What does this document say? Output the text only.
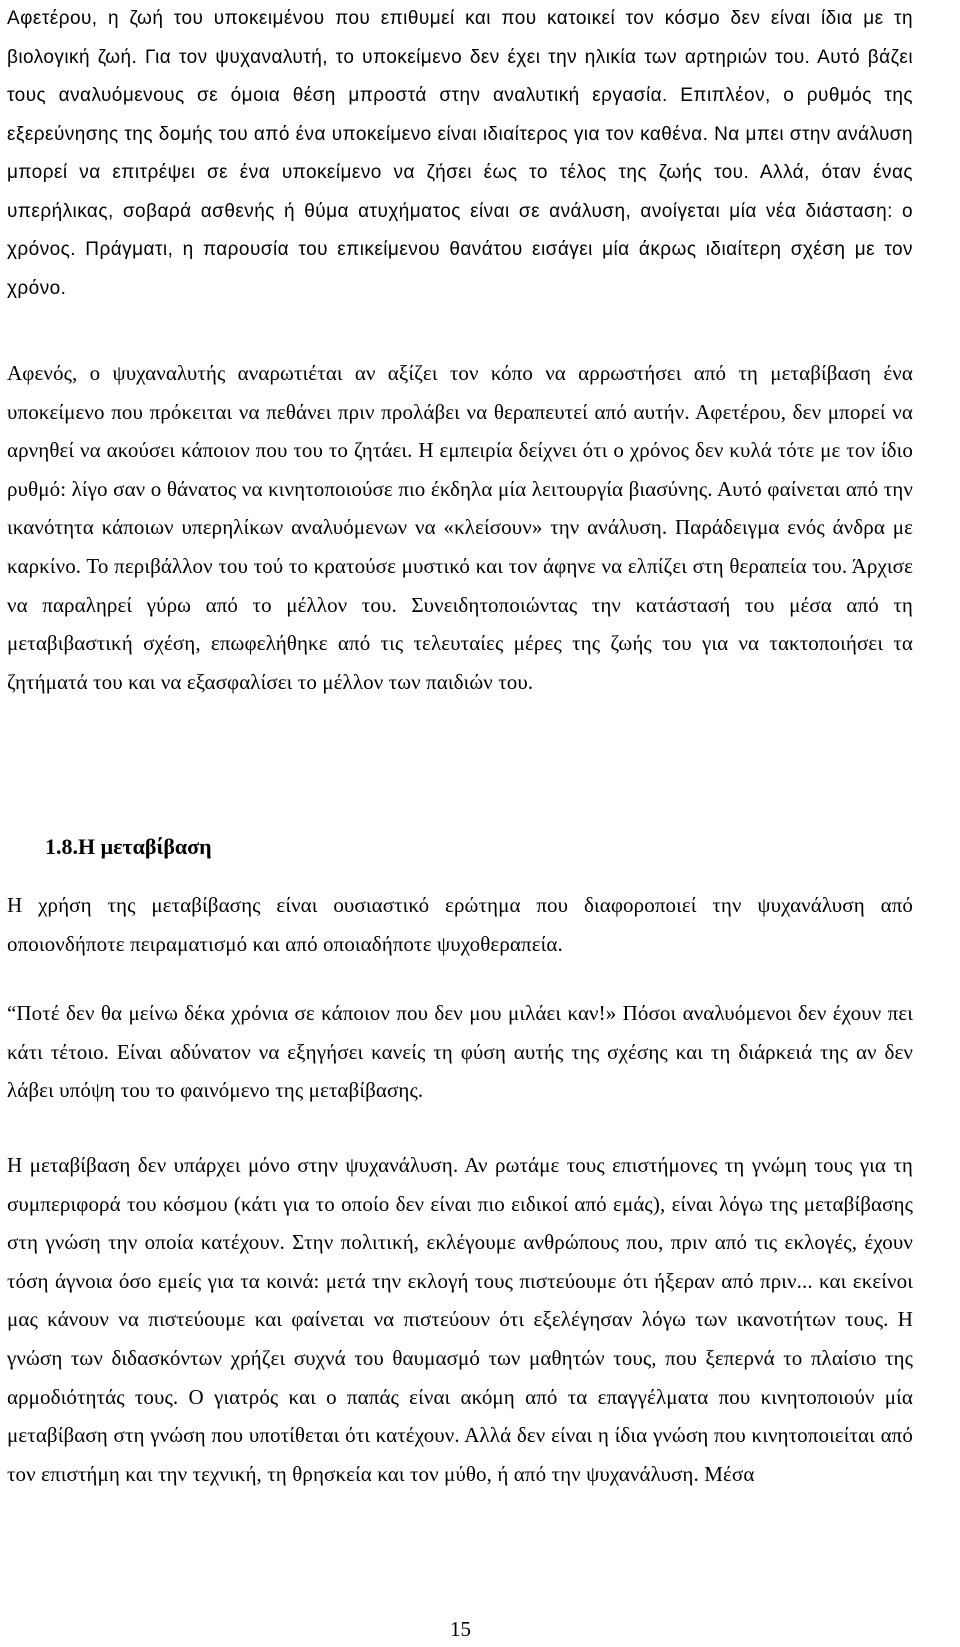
Αφετέρου, η ζωή του υποκειμένου που επιθυμεί και που κατοικεί τον κόσμο δεν είναι ίδια με τη βιολογική ζωή. Για τον ψυχαναλυτή, το υποκείμενο δεν έχει την ηλικία των αρτηριών του. Αυτό βάζει τους αναλυόμενους σε όμοια θέση μπροστά στην αναλυτική εργασία. Επιπλέον, ο ρυθμός της εξερεύνησης της δομής του από ένα υποκείμενο είναι ιδιαίτερος για τον καθένα. Να μπει στην ανάλυση μπορεί να επιτρέψει σε ένα υποκείμενο να ζήσει έως το τέλος της ζωής του. Αλλά, όταν ένας υπερήλικας, σοβαρά ασθενής ή θύμα ατυχήματος είναι σε ανάλυση, ανοίγεται μία νέα διάσταση: ο χρόνος. Πράγματι, η παρουσία του επικείμενου θανάτου εισάγει μία άκρως ιδιαίτερη σχέση με τον χρόνο.

Αφενός, ο ψυχαναλυτής αναρωτιέται αν αξίζει τον κόπο να αρρωστήσει από τη μεταβίβαση ένα υποκείμενο που πρόκειται να πεθάνει πριν προλάβει να θεραπευτεί από αυτήν. Αφετέρου, δεν μπορεί να αρνηθεί να ακούσει κάποιον που του το ζητάει. Η εμπειρία δείχνει ότι ο χρόνος δεν κυλά τότε με τον ίδιο ρυθμό: λίγο σαν ο θάνατος να κινητοποιούσε πιο έκδηλα μία λειτουργία βιασύνης. Αυτό φαίνεται από την ικανότητα κάποιων υπερηλίκων αναλυόμενων να «κλείσουν» την ανάλυση. Παράδειγμα ενός άνδρα με καρκίνο. Το περιβάλλον του τού το κρατούσε μυστικό και τον άφηνε να ελπίζει στη θεραπεία του. Άρχισε να παραληρεί γύρω από το μέλλον του. Συνειδητοποιώντας την κατάστασή του μέσα από τη μεταβιβαστική σχέση, επωφελήθηκε από τις τελευταίες μέρες της ζωής του για να τακτοποιήσει τα ζητήματά του και να εξασφαλίσει το μέλλον των παιδιών του.

1.8.Η μεταβίβαση

Η χρήση της μεταβίβασης είναι ουσιαστικό ερώτημα που διαφοροποιεί την ψυχανάλυση από οποιονδήποτε πειραματισμό και από οποιαδήποτε ψυχοθεραπεία.

“Ποτέ δεν θα μείνω δέκα χρόνια σε κάποιον που δεν μου μιλάει καν!» Πόσοι αναλυόμενοι δεν έχουν πει κάτι τέτοιο. Είναι αδύνατον να εξηγήσει κανείς τη φύση αυτής της σχέσης και τη διάρκειά της αν δεν λάβει υπόψη του το φαινόμενο της μεταβίβασης.

Η μεταβίβαση δεν υπάρχει μόνο στην ψυχανάλυση. Αν ρωτάμε τους επιστήμονες τη γνώμη τους για τη συμπεριφορά του κόσμου (κάτι για το οποίο δεν είναι πιο ειδικοί από εμάς), είναι λόγω της μεταβίβασης στη γνώση την οποία κατέχουν. Στην πολιτική, εκλέγουμε ανθρώπους που, πριν από τις εκλογές, έχουν τόση άγνοια όσο εμείς για τα κοινά: μετά την εκλογή τους πιστεύουμε ότι ήξεραν από πριν... και εκείνοι μας κάνουν να πιστεύουμε και φαίνεται να πιστεύουν ότι εξελέγησαν λόγω των ικανοτήτων τους. Η γνώση των διδασκόντων χρήζει συχνά του θαυμασμό των μαθητών τους, που ξεπερνά το πλαίσιο της αρμοδιότητάς τους. Ο γιατρός και ο παπάς είναι ακόμη από τα επαγγέλματα που κινητοποιούν μία μεταβίβαση στη γνώση που υποτίθεται ότι κατέχουν. Αλλά δεν είναι η ίδια γνώση που κινητοποιείται από τον επιστήμη και την τεχνική, τη θρησκεία και τον μύθο, ή από την ψυχανάλυση. Μέσα

15
